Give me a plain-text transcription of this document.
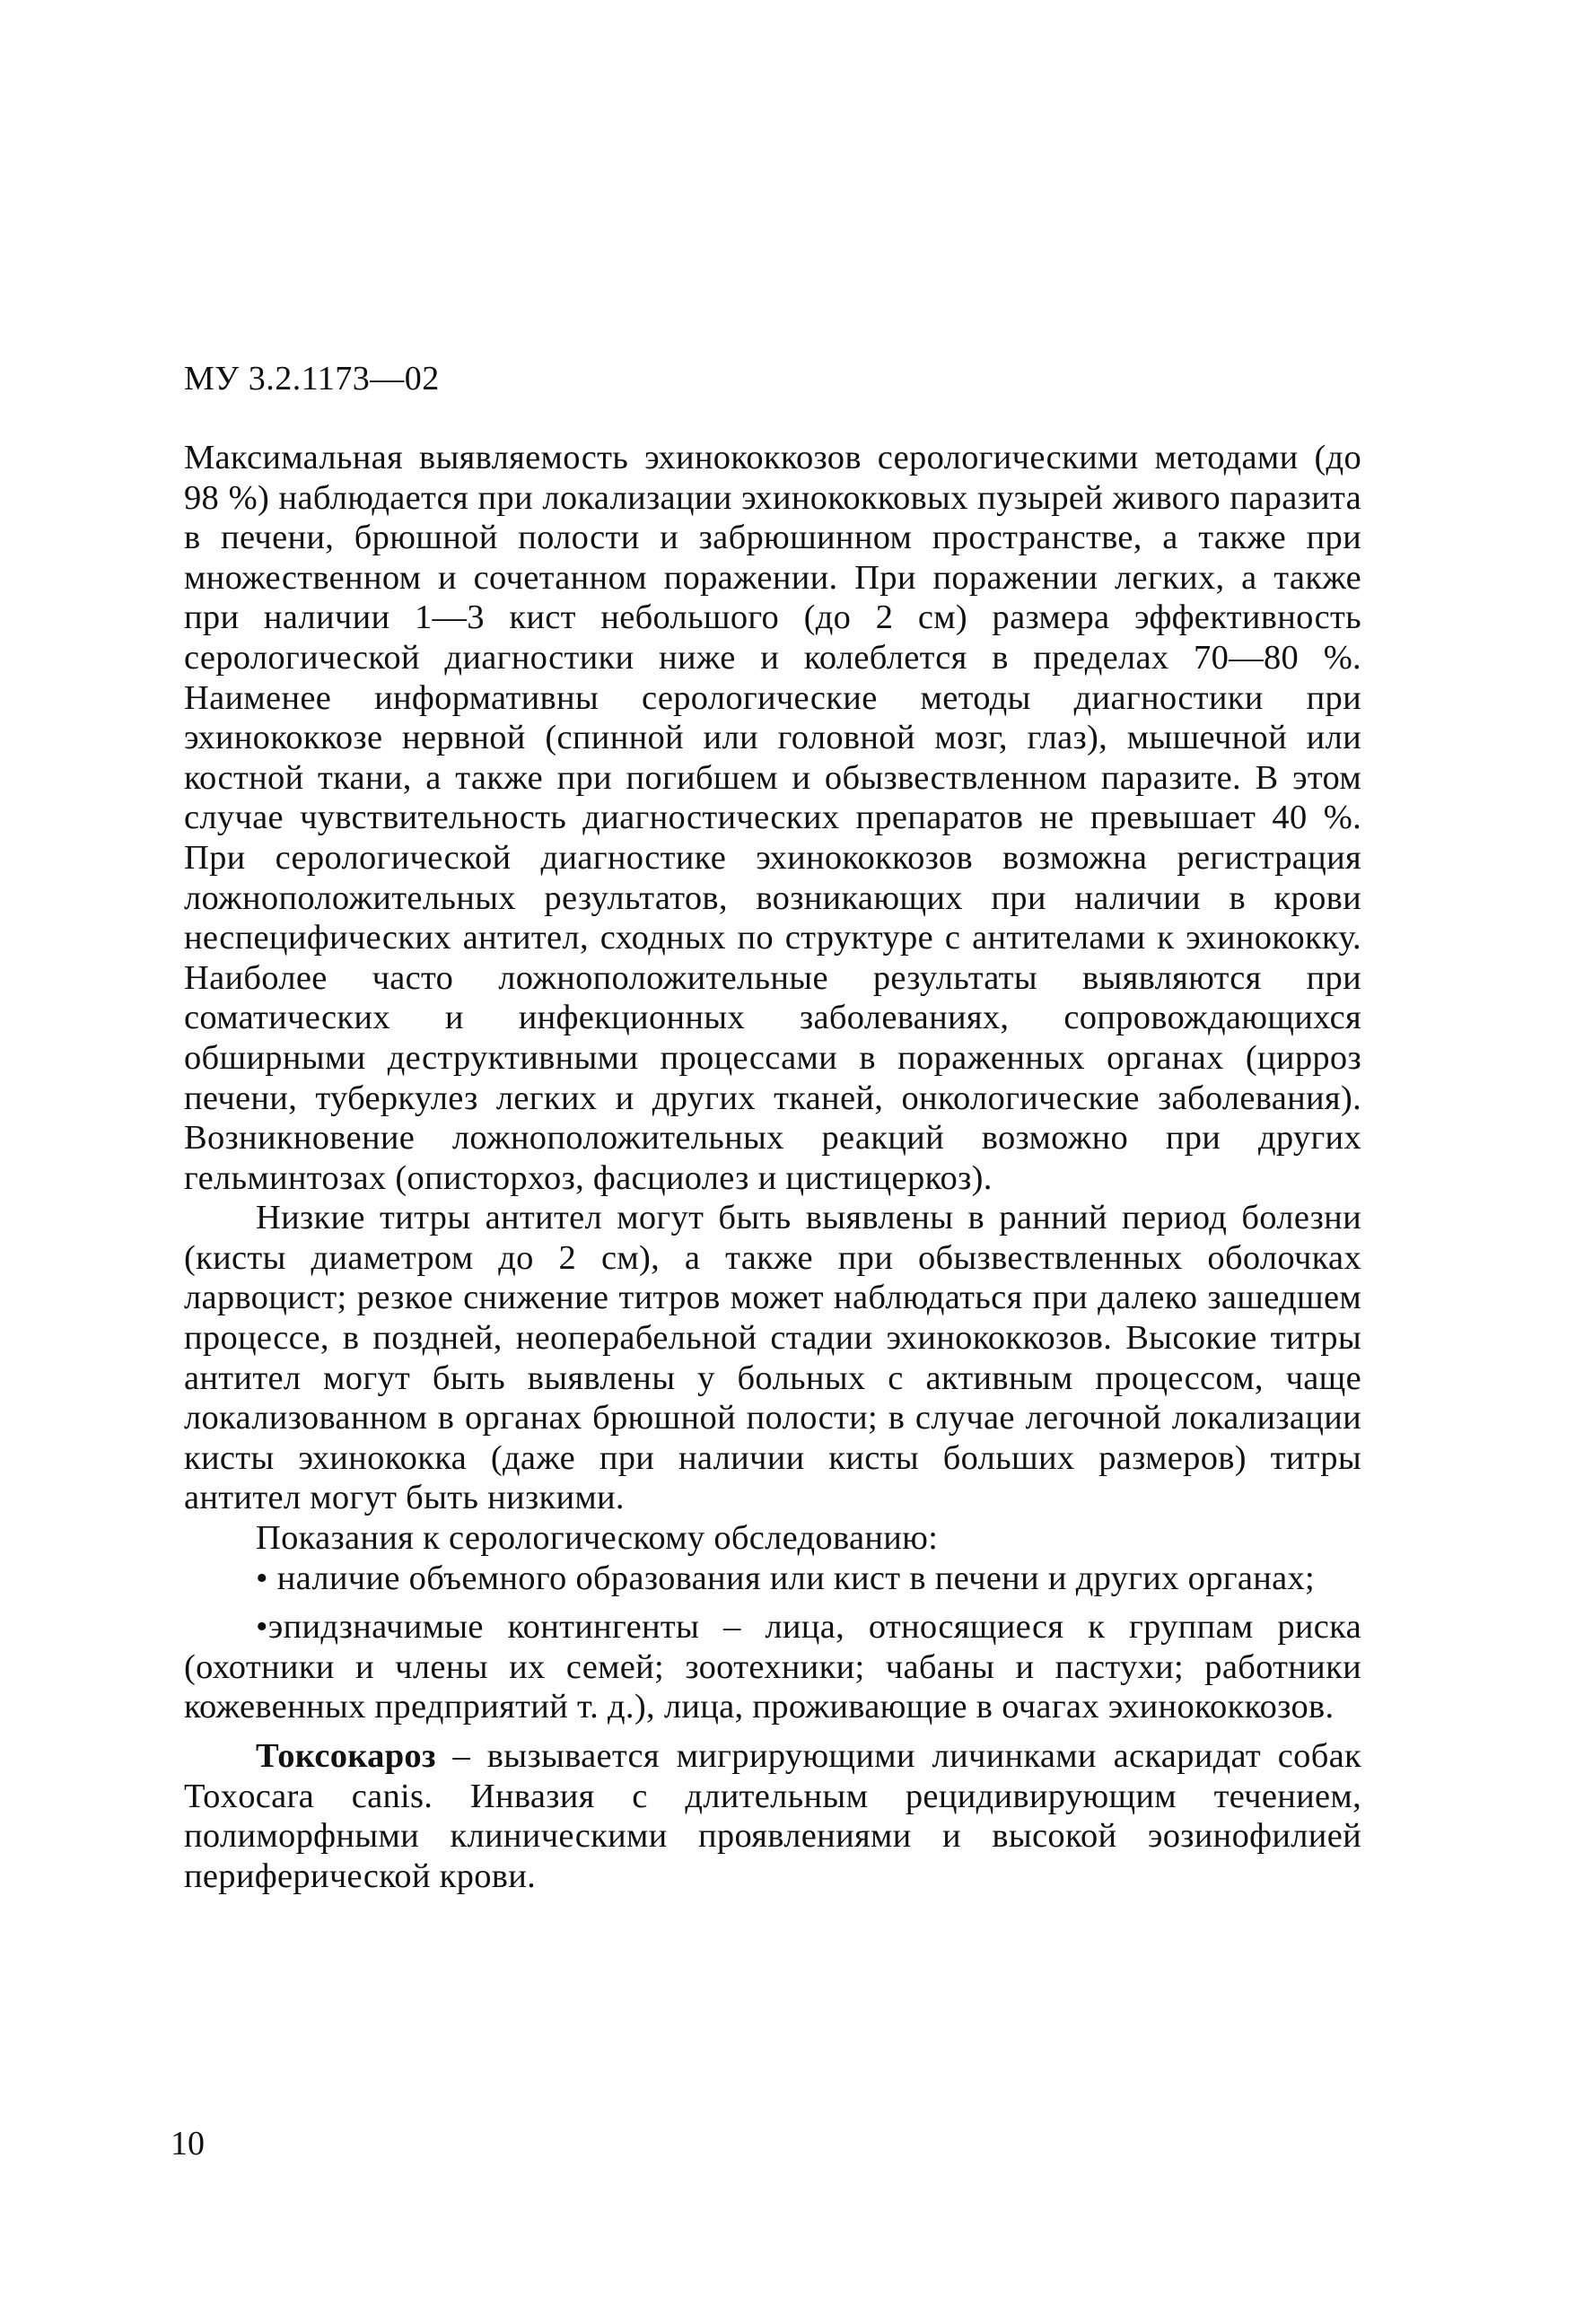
МУ 3.2.1173—02

Максимальная выявляемость эхинококкозов серологическими методами (до 98 %) наблюдается при локализации эхинококковых пузырей живого паразита в печени, брюшной полости и забрюшинном пространстве, а также при множественном и сочетанном поражении. При поражении легких, а также при наличии 1—3 кист небольшого (до 2 см) размера эффективность серологической диагностики ниже и колеблется в пределах 70—80 %. Наименее информативны серологические методы диагностики при эхинококкозе нервной (спинной или головной мозг, глаз), мышечной или костной ткани, а также при погибшем и обызвествленном паразите. В этом случае чувствительность диагностических препаратов не превышает 40 %. При серологической диагностике эхинококкозов возможна регистрация ложноположительных результатов, возникающих при наличии в крови неспецифических антител, сходных по структуре с антителами к эхинококку. Наиболее часто ложноположительные результаты выявляются при соматических и инфекционных заболеваниях, сопровождающихся обширными деструктивными процессами в пораженных органах (цирроз печени, туберкулез легких и других тканей, онкологические заболевания). Возникновение ложноположительных реакций возможно при других гельминтозах (описторхоз, фасциолез и цистицеркоз).

Низкие титры антител могут быть выявлены в ранний период болезни (кисты диаметром до 2 см), а также при обызвествленных оболочках ларвоцист; резкое снижение титров может наблюдаться при далеко зашедшем процессе, в поздней, неоперабельной стадии эхинококкозов. Высокие титры антител могут быть выявлены у больных с активным процессом, чаще локализованном в органах брюшной полости; в случае легочной локализации кисты эхинококка (даже при наличии кисты больших размеров) титры антител могут быть низкими.

Показания к серологическому обследованию:

• наличие объемного образования или кист в печени и других органах;

•эпидзначимые контингенты – лица, относящиеся к группам риска (охотники и члены их семей; зоотехники; чабаны и пастухи; работники кожевенных предприятий т. д.), лица, проживающие в очагах эхинококкозов.

Токсокароз – вызывается мигрирующими личинками аскаридат собак Toxocara canis. Инвазия с длительным рецидивирующим течением, полиморфными клиническими проявлениями и высокой эозинофилией периферической крови.

10
